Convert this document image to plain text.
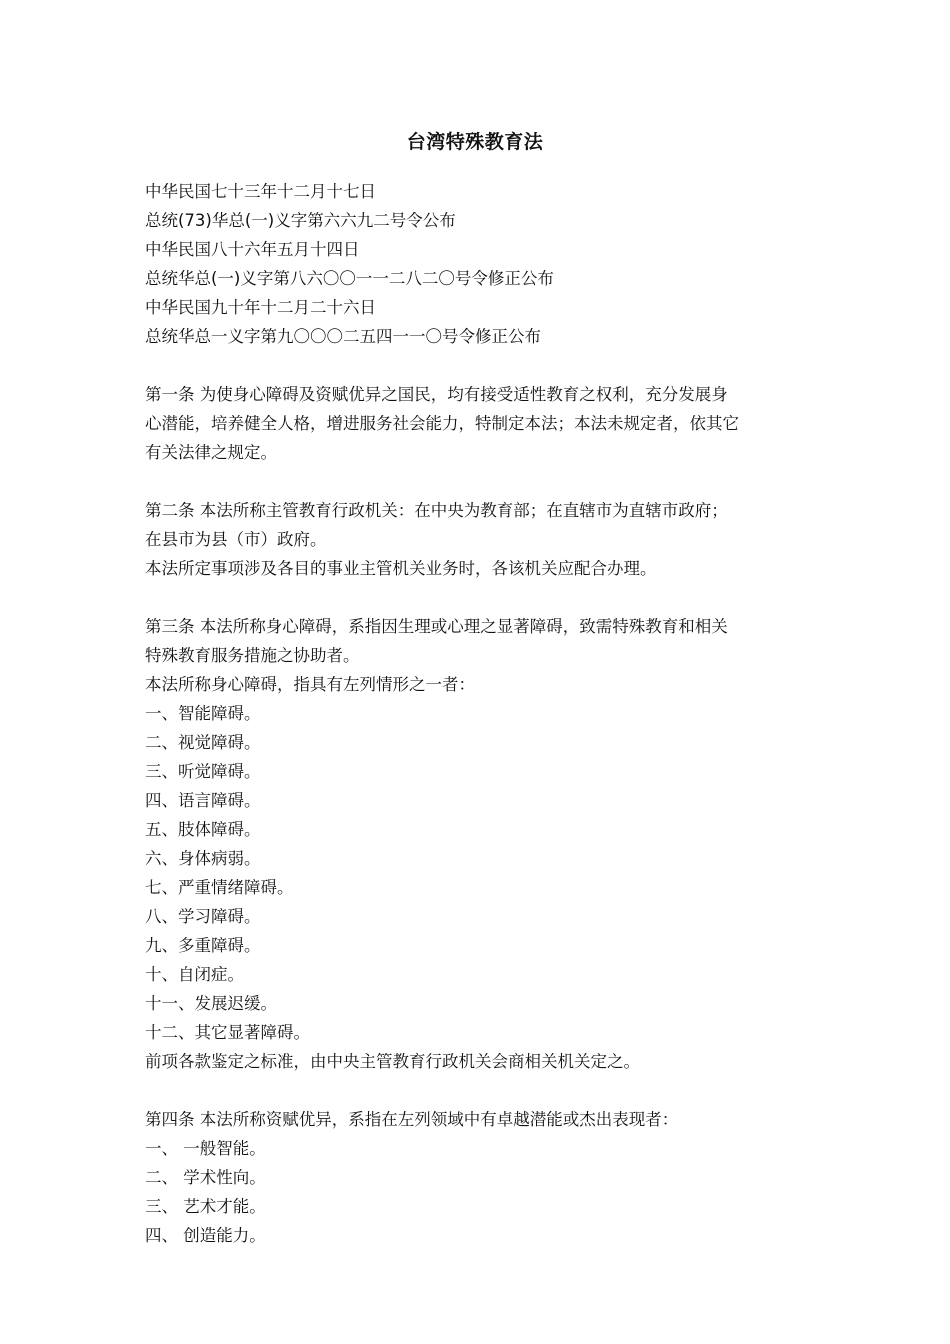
台湾特殊教育法
中华民国七十三年十二月十七日
总统(73)华总(一)义字第六六九二号令公布
中华民国八十六年五月十四日
总统华总(一)义字第八六〇〇一一二八二〇号令修正公布
中华民国九十年十二月二十六日
总统华总一义字第九〇〇〇二五四一一〇号令修正公布
第一条 为使身心障碍及资赋优异之国民，均有接受适性教育之权利，充分发展身
心潜能，培养健全人格，增进服务社会能力，特制定本法；本法未规定者，依其它
有关法律之规定。
第二条 本法所称主管教育行政机关：在中央为教育部；在直辖市为直辖市政府；
在县市为县（市）政府。
本法所定事项涉及各目的事业主管机关业务时，各该机关应配合办理。
第三条 本法所称身心障碍，系指因生理或心理之显著障碍，致需特殊教育和相关
特殊教育服务措施之协助者。
本法所称身心障碍，指具有左列情形之一者：
一、智能障碍。
二、视觉障碍。
三、听觉障碍。
四、语言障碍。
五、肢体障碍。
六、身体病弱。
七、严重情绪障碍。
八、学习障碍。
九、多重障碍。
十、自闭症。
十一、发展迟缓。
十二、其它显著障碍。
前项各款鉴定之标准，由中央主管教育行政机关会商相关机关定之。
第四条 本法所称资赋优异，系指在左列领域中有卓越潜能或杰出表现者：
一、 一般智能。
二、 学术性向。
三、 艺术才能。
四、 创造能力。
